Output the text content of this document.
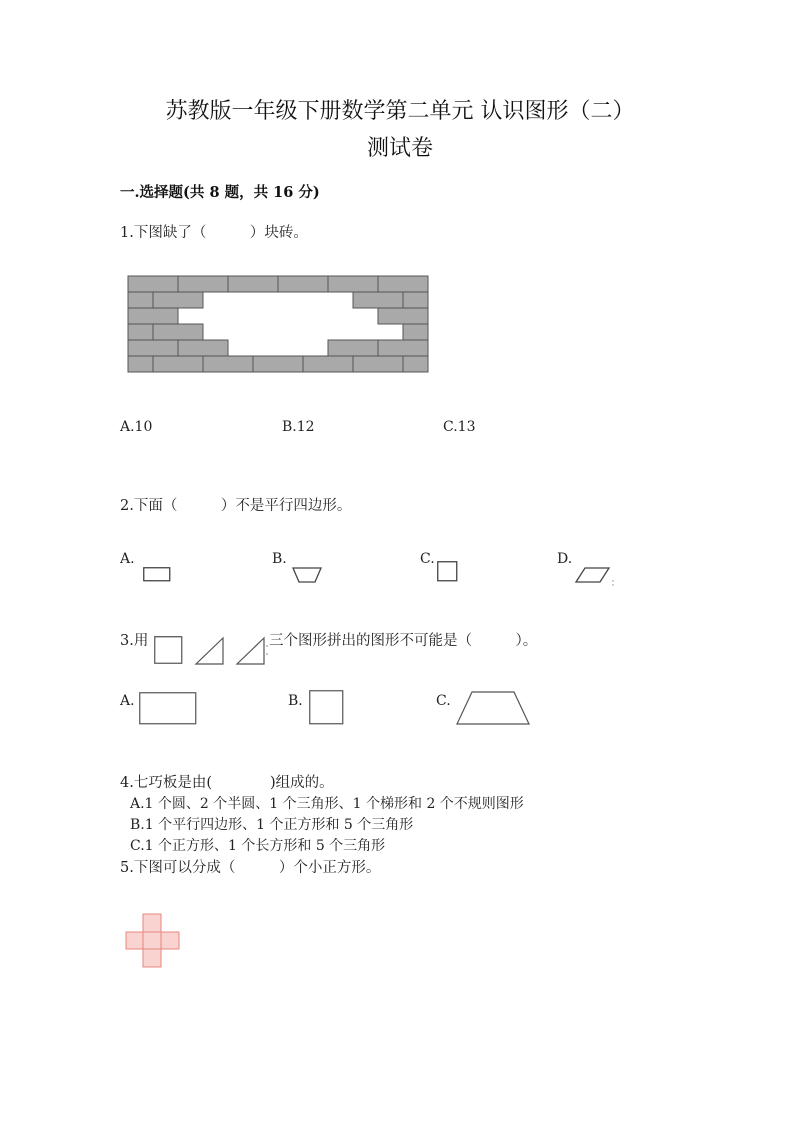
苏教版一年级下册数学第二单元 认识图形（二）
测试卷
一.选择题(共 8 题，共 16 分)
1.下图缺了（　　　）块砖。
A.10	B.12	C.13
2.下面（　　　）不是平行四边形。
A.	B.	C.	D.
3.用	三个图形拼出的图形不可能是（　　　）。
A.	B.	C.
4.七巧板是由(　　　　)组成的。
A.1 个圆、2 个半圆、1 个三角形、1 个梯形和 2 个不规则图形
B.1 个平行四边形、1 个正方形和 5 个三角形
C.1 个正方形、1 个长方形和 5 个三角形
5.下图可以分成（　　　）个小正方形。
